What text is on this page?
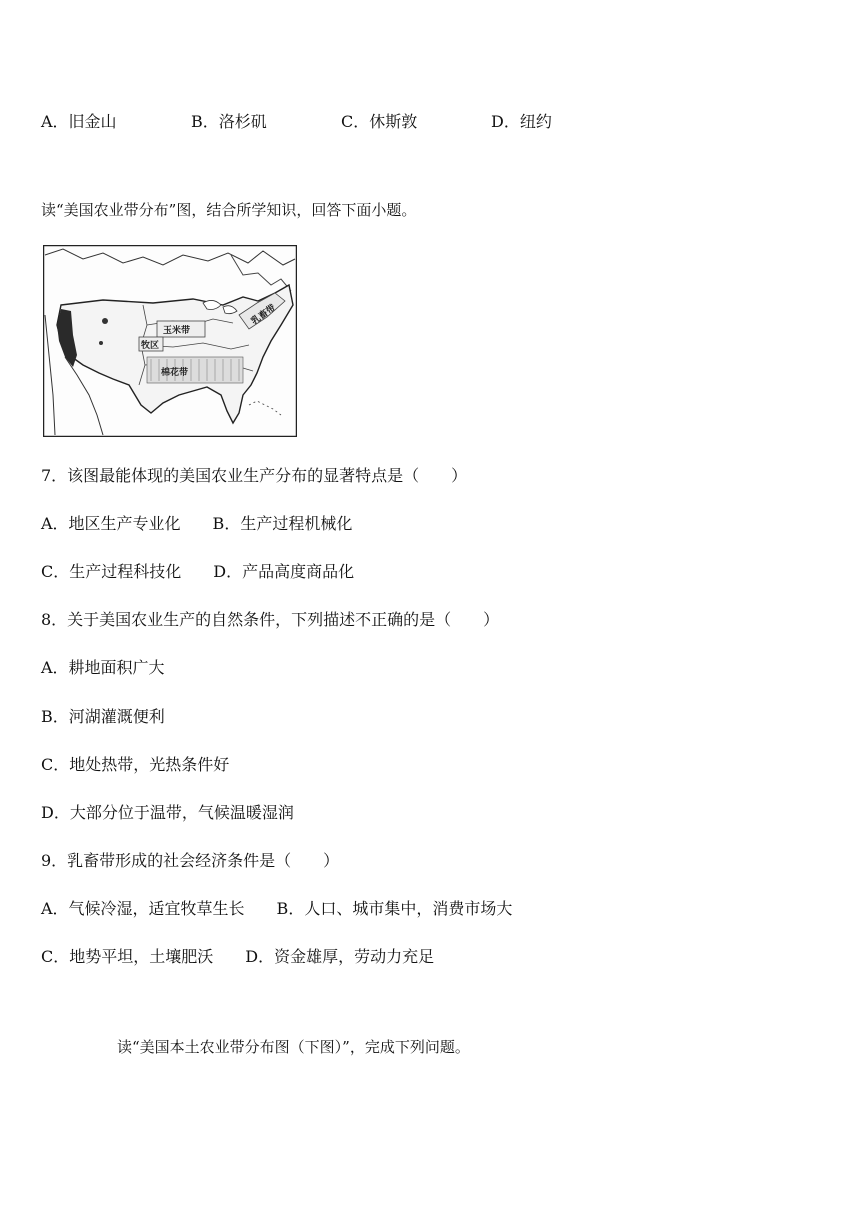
A．旧金山	B．洛杉矶	C．休斯敦	D．纽约
读“美国农业带分布”图，结合所学知识，回答下面小题。
玉米带
牧区
棉花带
乳畜带
7．该图最能体现的美国农业生产分布的显著特点是（　　）
A．地区生产专业化　　B．生产过程机械化
C．生产过程科技化　　D．产品高度商品化
8．关于美国农业生产的自然条件，下列描述不正确的是（　　）
A．耕地面积广大
B．河湖灌溉便利
C．地处热带，光热条件好
D．大部分位于温带，气候温暖湿润
9．乳畜带形成的社会经济条件是（　　）
A．气候冷湿，适宜牧草生长　　B．人口、城市集中，消费市场大
C．地势平坦，土壤肥沃　　D．资金雄厚，劳动力充足
读“美国本土农业带分布图（下图）”，完成下列问题。
